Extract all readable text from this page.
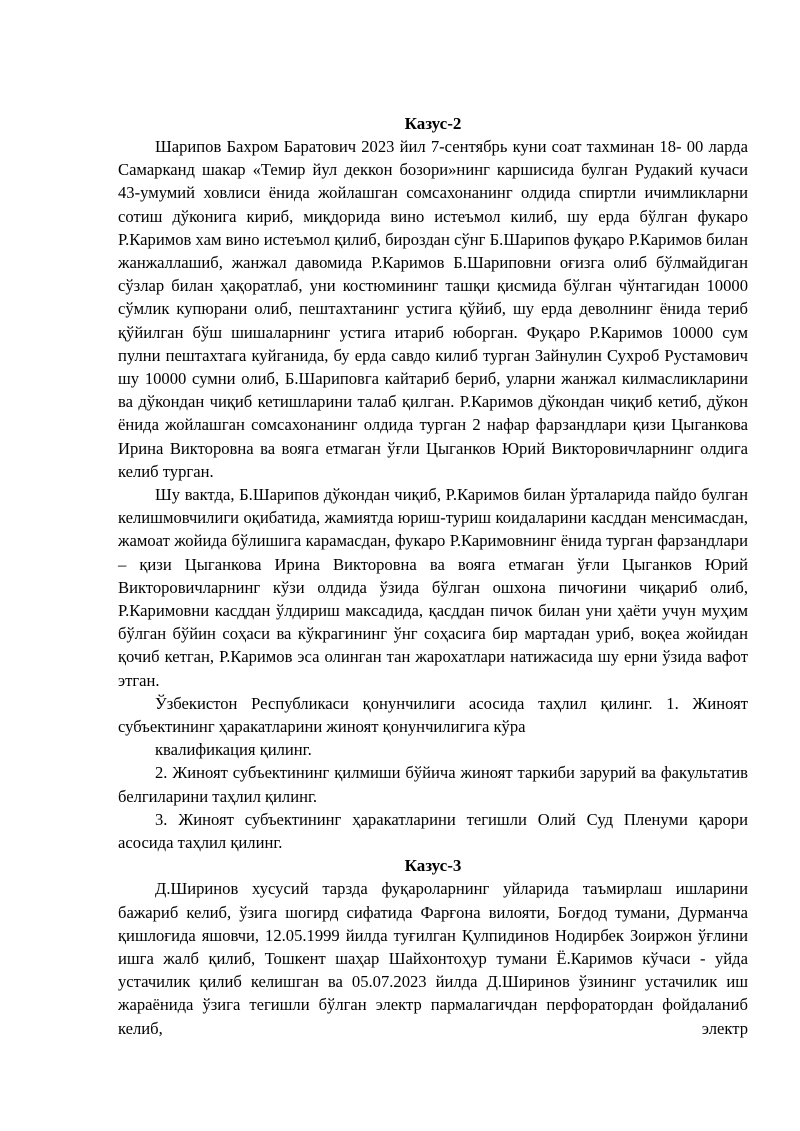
Казус-2

Шарипов Бахром Баратович 2023 йил 7-сентябрь куни соат тахминан 18- 00 ларда Самарканд шакар «Темир йул деккон бозори»нинг каршисида булган Рудакий кучаси 43-умумий ховлиси ёнида жойлашган сомсахонанинг олдида спиртли ичимликларни сотиш дўконига кириб, миқдорида вино истеъмол килиб, шу ерда бўлган фукаро Р.Каримов хам вино истеъмол қилиб, бироздан сўнг Б.Шарипов фуқаро Р.Каримов билан жанжаллашиб, жанжал давомида Р.Каримов Б.Шариповни оғизга олиб бўлмайдиган сўзлар билан ҳақоратлаб, уни костюмининг ташқи қисмида бўлган чўнтагидан 10000 сўмлик купюрани олиб, пештахтанинг устига қўйиб, шу ерда деволнинг ёнида териб қўйилган бўш шишаларнинг устига итариб юборган. Фуқаро Р.Каримов 10000 сум пулни пештахтага куйганида, бу ерда савдо килиб турган Зайнулин Сухроб Рустамович шу 10000 сумни олиб, Б.Шариповга кайтариб бериб, уларни жанжал килмасликларини ва дўкондан чиқиб кетишларини талаб қилган. Р.Каримов дўкондан чиқиб кетиб, дўкон ёнида жойлашган сомсахонанинг олдида турган 2 нафар фарзандлари қизи Цыганкова Ирина Викторовна ва вояга етмаган ўғли Цыганков Юрий Викторовичларнинг олдига келиб турган.

Шу вактда, Б.Шарипов дўкондан чиқиб, Р.Каримов билан ўрталарида пайдо булган келишмовчилиги оқибатида, жамиятда юриш-туриш коидаларини касддан менсимасдан, жамоат жойида бўлишига карамасдан, фукаро Р.Каримовнинг ёнида турган фарзандлари – қизи Цыганкова Ирина Викторовна ва вояга етмаган ўғли Цыганков Юрий Викторовичларнинг кўзи олдида ўзида бўлган ошхона пичоғини чиқариб олиб, Р.Каримовни касддан ўлдириш максадида, қасддан пичок билан уни ҳаёти учун муҳим бўлган бўйин соҳаси ва кўкрагининг ўнг соҳасига бир мартадан уриб, воқеа жойидан қочиб кетган, Р.Каримов эса олинган тан жарохатлари натижасида шу ерни ўзида вафот этган.

Ўзбекистон Республикаси қонунчилиги асосида таҳлил қилинг. 1. Жиноят субъектининг ҳаракатларини жиноят қонунчилигига кўра

квалификация қилинг.

2. Жиноят субъектининг қилмиши бўйича жиноят таркиби зарурий ва факультатив белгиларини таҳлил қилинг.

3. Жиноят субъектининг ҳаракатларини тегишли Олий Суд Пленуми қарори асосида таҳлил қилинг.

Казус-3

Д.Ширинов хусусий тарзда фуқароларнинг уйларида таъмирлаш ишларини бажариб келиб, ўзига шогирд сифатида Фарғона вилояти, Боғдод тумани, Дурманча қишлоғида яшовчи, 12.05.1999 йилда туғилган Қулпидинов Нодирбек Зоиржон ўғлини ишга жалб қилиб, Тошкент шаҳар Шайхонтоҳур тумани Ё.Каримов кўчаси - уйда устачилик қилиб келишган ва 05.07.2023 йилда Д.Ширинов ўзининг устачилик иш жараёнида ўзига тегишли бўлган электр пармалагичдан перфоратордан фойдаланиб келиб, электр
